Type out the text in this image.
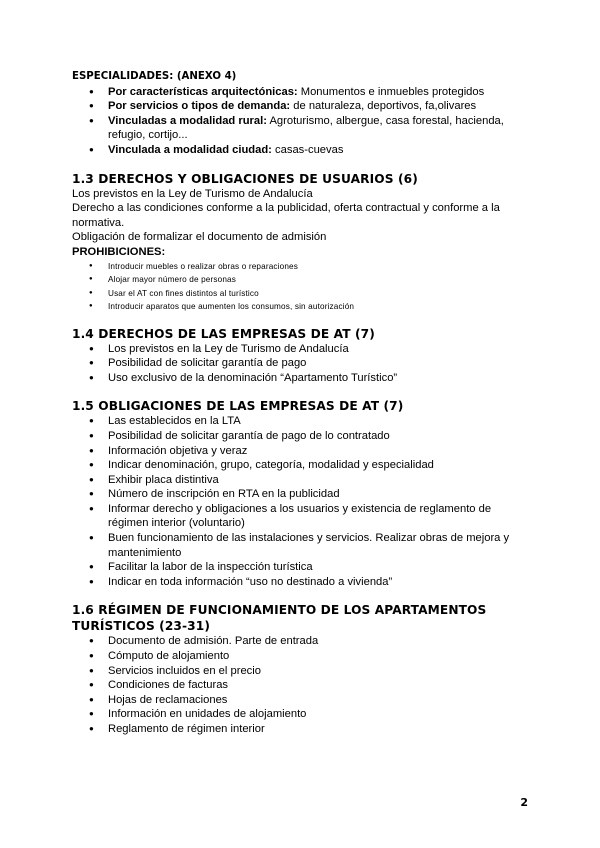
ESPECIALIDADES: (ANEXO 4)

● Por características arquitectónicas: Monumentos e inmuebles protegidos
● Por servicios o tipos de demanda: de naturaleza, deportivos, fa,olivares
● Vinculadas a modalidad rural: Agroturismo, albergue, casa forestal, hacienda, refugio, cortijo...
● Vinculada a modalidad ciudad: casas-cuevas
1.3 DERECHOS Y OBLIGACIONES DE USUARIOS (6)

Los previstos en la Ley de Turismo de Andalucía

Derecho a las condiciones conforme a la publicidad, oferta contractual y conforme a la normativa.

Obligación de formalizar el documento de admisión

PROHIBICIONES:

● Introducir muebles o realizar obras o reparaciones
● Alojar mayor número de personas
● Usar el AT con fines distintos al turístico
● Introducir aparatos que aumenten los consumos, sin autorización
1.4 DERECHOS DE LAS EMPRESAS DE AT (7)
● Los previstos en la Ley de Turismo de Andalucía
● Posibilidad de solicitar garantía de pago
● Uso exclusivo de la denominación “Apartamento Turístico”
1.5 OBLIGACIONES DE LAS EMPRESAS DE AT (7)
● Las establecidos en la LTA
● Posibilidad de solicitar garantía de pago de lo contratado
● Información objetiva y veraz
● Indicar denominación, grupo, categoría, modalidad y especialidad
● Exhibir placa distintiva
● Número de inscripción en RTA en la publicidad
● Informar derecho y obligaciones a los usuarios y existencia de reglamento de régimen interior (voluntario)
● Buen funcionamiento de las instalaciones y servicios. Realizar obras de mejora y mantenimiento
● Facilitar la labor de la inspección turística
● Indicar en toda información “uso no destinado a vivienda”
1.6 RÉGIMEN DE FUNCIONAMIENTO DE LOS APARTAMENTOS TURÍSTICOS (23-31)
● Documento de admisión. Parte de entrada
● Cómputo de alojamiento
● Servicios incluidos en el precio
● Condiciones de facturas
● Hojas de reclamaciones
● Información en unidades de alojamiento
● Reglamento de régimen interior
2
